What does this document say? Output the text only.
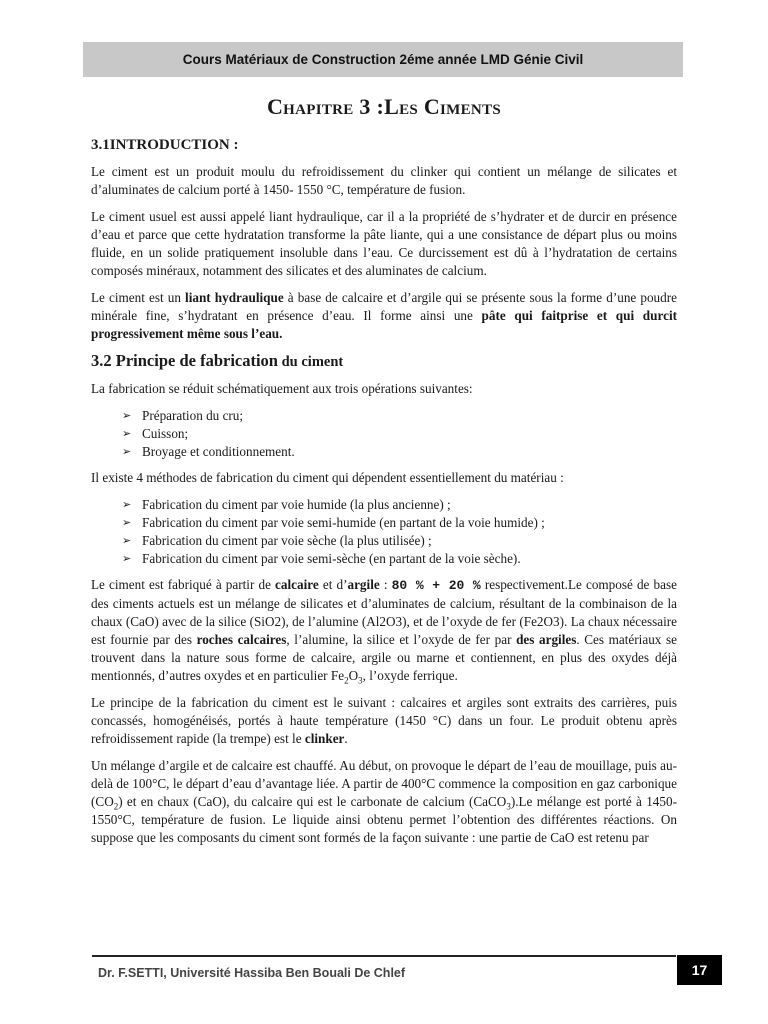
Cours Matériaux de Construction 2éme année LMD Génie Civil
Chapitre 3 :Les Ciments
3.1INTRODUCTION :

Le ciment est un produit moulu du refroidissement du clinker qui contient un mélange de silicates et d’aluminates de calcium porté à 1450- 1550 °C, température de fusion.

Le ciment usuel est aussi appelé liant hydraulique, car il a la propriété de s’hydrater et de durcir en présence d’eau et parce que cette hydratation transforme la pâte liante, qui a une consistance de départ plus ou moins fluide, en un solide pratiquement insoluble dans l’eau. Ce durcissement est dû à l’hydratation de certains composés minéraux, notamment des silicates et des aluminates de calcium.

Le ciment est un liant hydraulique à base de calcaire et d’argile qui se présente sous la forme d’une poudre minérale fine, s’hydratant en présence d’eau. Il forme ainsi une pâte qui faitprise et qui durcit progressivement même sous l’eau.

3.2 Principe de fabrication du ciment

La fabrication se réduit schématiquement aux trois opérations suivantes:

➢ Préparation du cru;
➢ Cuisson;
➢ Broyage et conditionnement.

Il existe 4 méthodes de fabrication du ciment qui dépendent essentiellement du matériau :

➢ Fabrication du ciment par voie humide (la plus ancienne) ;
➢ Fabrication du ciment par voie semi-humide (en partant de la voie humide) ;
➢ Fabrication du ciment par voie sèche (la plus utilisée) ;
➢ Fabrication du ciment par voie semi-sèche (en partant de la voie sèche).

Le ciment est fabriqué à partir de calcaire et d’argile : 80 % + 20 % respectivement.Le composé de base des ciments actuels est un mélange de silicates et d’aluminates de calcium, résultant de la combinaison de la chaux (CaO) avec de la silice (SiO2), de l’alumine (Al2O3), et de l’oxyde de fer (Fe2O3). La chaux nécessaire est fournie par des roches calcaires, l’alumine, la silice et l’oxyde de fer par des argiles. Ces matériaux se trouvent dans la nature sous forme de calcaire, argile ou marne et contiennent, en plus des oxydes déjà mentionnés, d’autres oxydes et en particulier $Fe_2O_3$, l’oxyde ferrique.

Le principe de la fabrication du ciment est le suivant : calcaires et argiles sont extraits des carrières, puis concassés, homogénéisés, portés à haute température (1450 °C) dans un four. Le produit obtenu après refroidissement rapide (la trempe) est le clinker.

Un mélange d’argile et de calcaire est chauffé. Au début, on provoque le départ de l’eau de mouillage, puis au-delà de 100°C, le départ d’eau d’avantage liée. A partir de 400°C commence la composition en gaz carbonique $(CO_2)$ et en chaux (CaO), du calcaire qui est le carbonate de calcium (CaCO$_3$).Le mélange est porté à 1450-1550°C, température de fusion. Le liquide ainsi obtenu permet l’obtention des différentes réactions. On suppose que les composants du ciment sont formés de la façon suivante : une partie de CaO est retenu par

Dr. F.SETTI, Université Hassiba Ben Bouali De Chlef	17
